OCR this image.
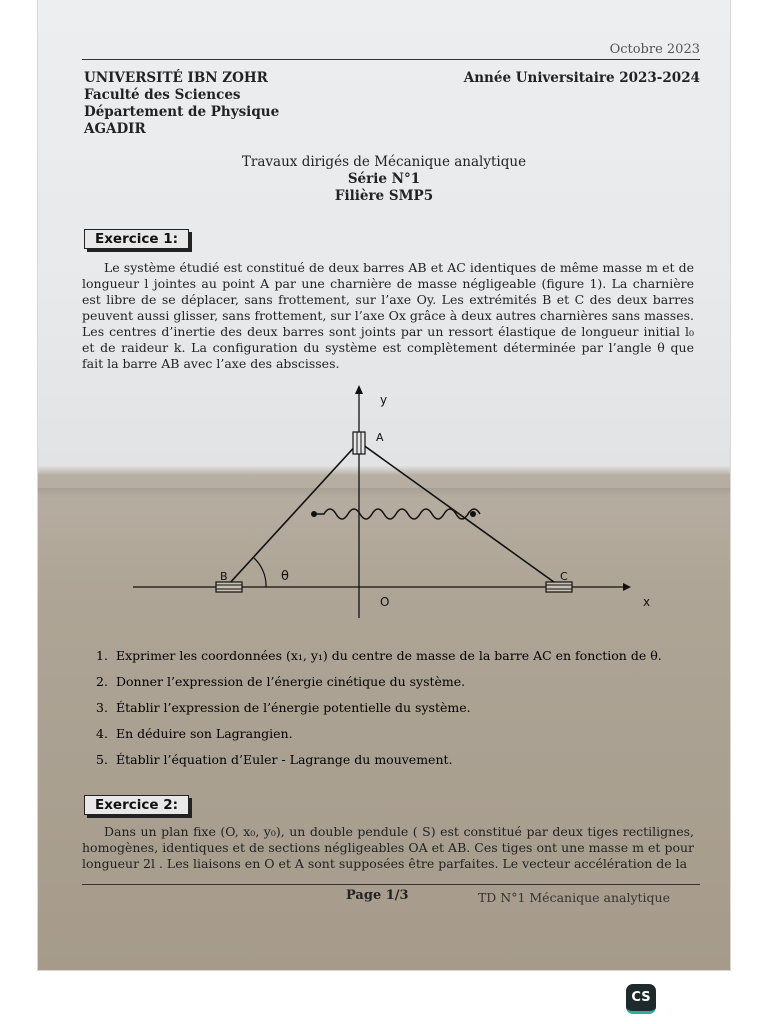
Octobre 2023
UNIVERSITÉ IBN ZOHR
Faculté des Sciences
Département de Physique
AGADIR
Année Universitaire 2023-2024
Travaux dirigés de Mécanique analytique
Série N°1
Filière SMP5
Exercice 1:
Le système étudié est constitué de deux barres AB et AC identiques de même masse m et de longueur l jointes au point A par une charnière de masse négligeable (figure 1). La charnière est libre de se déplacer, sans frottement, sur l’axe Oy. Les extrémités B et C des deux barres peuvent aussi glisser, sans frottement, sur l’axe Ox grâce à deux autres charnières sans masses. Les centres d’inertie des deux barres sont joints par un ressort élastique de longueur initial l₀ et de raideur k. La configuration du système est complètement déterminée par l’angle θ que fait la barre AB avec l’axe des abscisses.
y
A
B	C
θ
O	x
1. Exprimer les coordonnées (x₁, y₁) du centre de masse de la barre AC en fonction de θ.
2. Donner l’expression de l’énergie cinétique du système.
3. Établir l’expression de l’énergie potentielle du système.
4. En déduire son Lagrangien.
5. Établir l’équation d’Euler - Lagrange du mouvement.
Exercice 2:
Dans un plan fixe (O, x₀, y₀), un double pendule ( S) est constitué par deux tiges rectilignes, homogènes, identiques et de sections négligeables OA et AB. Ces tiges ont une masse m et pour longueur 2l . Les liaisons en O et A sont supposées être parfaites. Le vecteur accélération de la
Page 1/3	TD N°1 Mécanique analytique
CS
